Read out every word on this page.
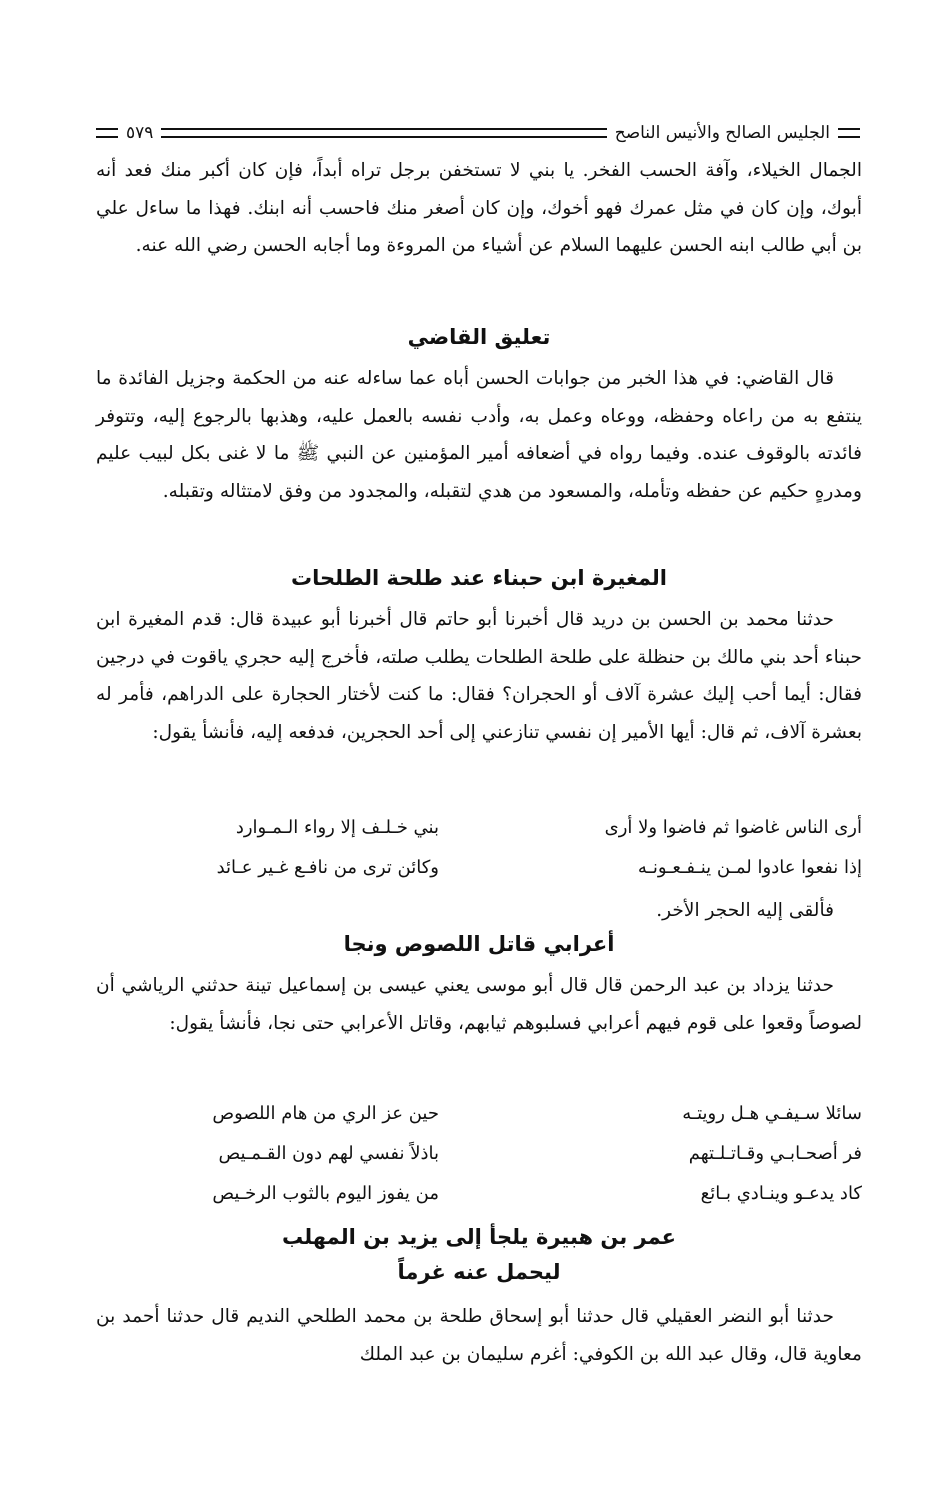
الجليس الصالح والأنيس الناصح
٥٧٩

الجمال الخيلاء، وآفة الحسب الفخر. يا بني لا تستخفن برجل تراه أبداً، فإن كان أكبر منك فعد أنه أبوك، وإن كان في مثل عمرك فهو أخوك، وإن كان أصغر منك فاحسب أنه ابنك. فهذا ما ساءل علي بن أبي طالب ابنه الحسن عليهما السلام عن أشياء من المروءة وما أجابه الحسن رضي الله عنه.

تعليق القاضي

قال القاضي: في هذا الخبر من جوابات الحسن أباه عما ساءله عنه من الحكمة وجزيل الفائدة ما ينتفع به من راعاه وحفظه، ووعاه وعمل به، وأدب نفسه بالعمل عليه، وهذبها بالرجوع إليه، وتتوفر فائدته بالوقوف عنده. وفيما رواه في أضعافه أمير المؤمنين عن النبي ﷺ ما لا غنى بكل لبيب عليم ومدرهٍ حكيم عن حفظه وتأمله، والمسعود من هدي لتقبله، والمجدود من وفق لامتثاله وتقبله.

المغيرة ابن حبناء عند طلحة الطلحات

حدثنا محمد بن الحسن بن دريد قال أخبرنا أبو حاتم قال أخبرنا أبو عبيدة قال: قدم المغيرة ابن حبناء أحد بني مالك بن حنظلة على طلحة الطلحات يطلب صلته، فأخرج إليه حجري ياقوت في درجين فقال: أيما أحب إليك عشرة آلاف أو الحجران؟ فقال: ما كنت لأختار الحجارة على الدراهم، فأمر له بعشرة آلاف، ثم قال: أيها الأمير إن نفسي تنازعني إلى أحد الحجرين، فدفعه إليه، فأنشأ يقول:

أرى الناس غاضوا ثم فاضوا ولا أرى
بني خـلـف إلا رواء الـمـوارد
إذا نفعوا عادوا لمـن ينـفـعـونـه
وكائن ترى من نافـع غـير عـائد

فألقى إليه الحجر الأخر.

أعرابي قاتل اللصوص ونجا

حدثنا يزداد بن عبد الرحمن قال قال أبو موسى يعني عيسى بن إسماعيل تينة حدثني الرياشي أن لصوصاً وقعوا على قوم فيهم أعرابي فسلبوهم ثيابهم، وقاتل الأعرابي حتى نجا، فأنشأ يقول:

سائلا سـيفـي هـل رويتـه
حين عز الري من هام اللصوص
فر أصحـابـي وقـاتـلـتهم
باذلاً نفسي لهم دون القـمـيص
كاد يدعـو وينـادي بـائع
من يفوز اليوم بالثوب الرخـيص
عمر بن هبيرة يلجأ إلى يزيد بن المهلب
ليحمل عنه غرماً

حدثنا أبو النضر العقيلي قال حدثنا أبو إسحاق طلحة بن محمد الطلحي النديم قال حدثنا أحمد بن معاوية قال، وقال عبد الله بن الكوفي: أغرم سليمان بن عبد الملك
